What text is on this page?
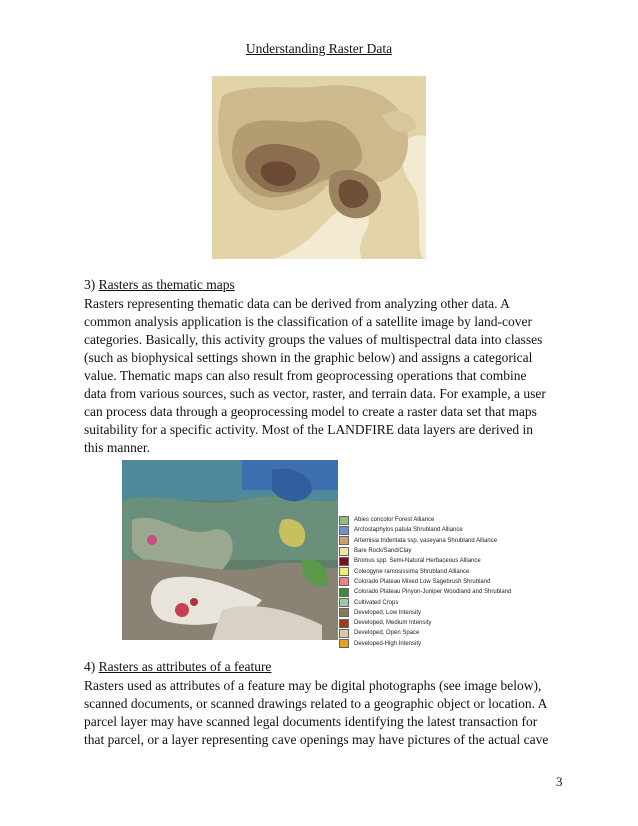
Understanding Raster Data
3) Rasters as thematic maps
Rasters representing thematic data can be derived from analyzing other data. A
common analysis application is the classification of a satellite image by land-cover
categories. Basically, this activity groups the values of multispectral data into classes
(such as biophysical settings shown in the graphic below) and assigns a categorical
value. Thematic maps can also result from geoprocessing operations that combine
data from various sources, such as vector, raster, and terrain data. For example, a user
can process data through a geoprocessing model to create a raster data set that maps
suitability for a specific activity. Most of the LANDFIRE data layers are derived in
this manner.
Abies concolor Forest Alliance
Arctostaphylos patula Shrubland Alliance
Artemisia tridentata ssp. vaseyana Shrubland Alliance
Bare Rock/Sand/Clay
Bromus spp. Semi-Natural Herbaceous Alliance
Coleogyne ramosissima Shrubland Alliance
Colorado Plateau Mixed Low Sagebrush Shrubland
Colorado Plateau Pinyon-Juniper Woodland and Shrubland
Cultivated Crops
Developed, Low Intensity
Developed, Medium Intensity
Developed, Open Space
Developed-High Intensity
4) Rasters as attributes of a feature
Rasters used as attributes of a feature may be digital photographs (see image below),
scanned documents, or scanned drawings related to a geographic object or location. A
parcel layer may have scanned legal documents identifying the latest transaction for
that parcel, or a layer representing cave openings may have pictures of the actual cave
3
